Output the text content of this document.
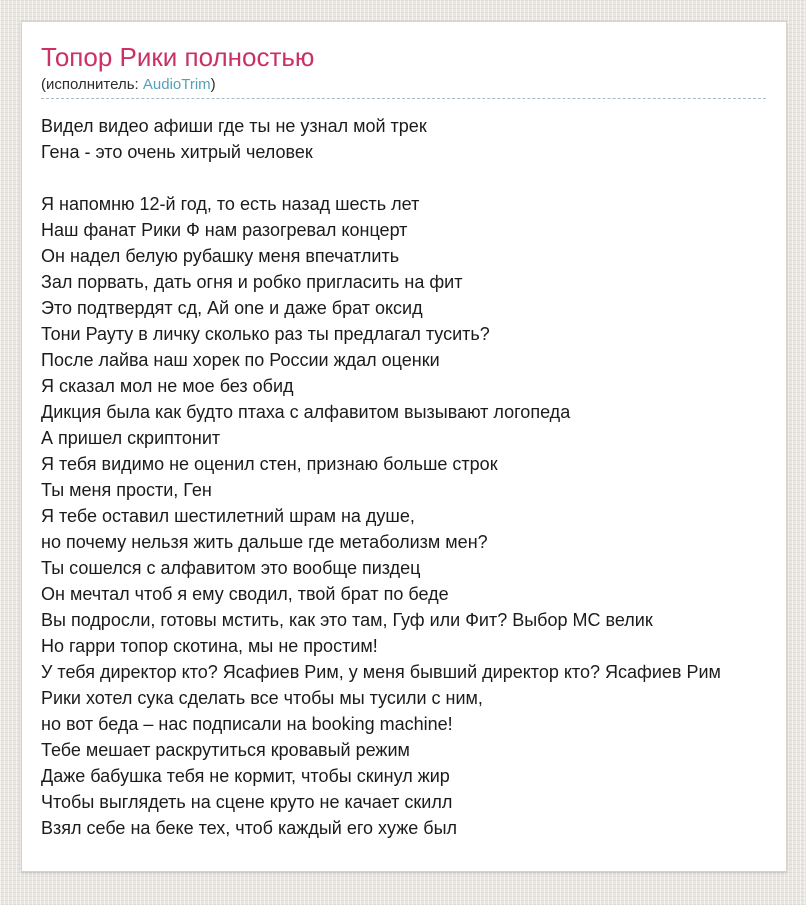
Топор Рики полностью
(исполнитель: AudioTrim)
Видел видео афиши где ты не узнал мой трек
Гена - это очень хитрый человек
Я напомню 12-й год, то есть назад шесть лет
Наш фанат Рики Ф нам разогревал концерт
Он надел белую рубашку меня впечатлить
Зал порвать, дать огня и робко пригласить на фит
Это подтвердят сд, Ай one и даже брат оксид
Тони Рауту в личку сколько раз ты предлагал тусить?
После лайва наш хорек по России ждал оценки
Я сказал мол не мое без обид
Дикция была как будто птаха с алфавитом вызывают логопеда
А пришел скриптонит
Я тебя видимо не оценил стен, признаю больше строк
Ты меня прости, Ген
Я тебе оставил шестилетний шрам на душе,
но почему нельзя жить дальше где метаболизм мен?
Ты сошелся с алфавитом это вообще пиздец
Он мечтал чтоб я ему сводил, твой брат по беде
Вы подросли, готовы мстить, как это там, Гуф или Фит? Выбор МС велик
Но гарри топор скотина, мы не простим!
У тебя директор кто? Ясафиев Рим, у меня бывший директор кто? Ясафиев Рим
Рики хотел сука сделать все чтобы мы тусили с ним,
но вот беда – нас подписали на booking machine!
Тебе мешает раскрутиться кровавый режим
Даже бабушка тебя не кормит, чтобы скинул жир
Чтобы выглядеть на сцене круто не качает скилл
Взял себе на беке тех, чтоб каждый его хуже был
